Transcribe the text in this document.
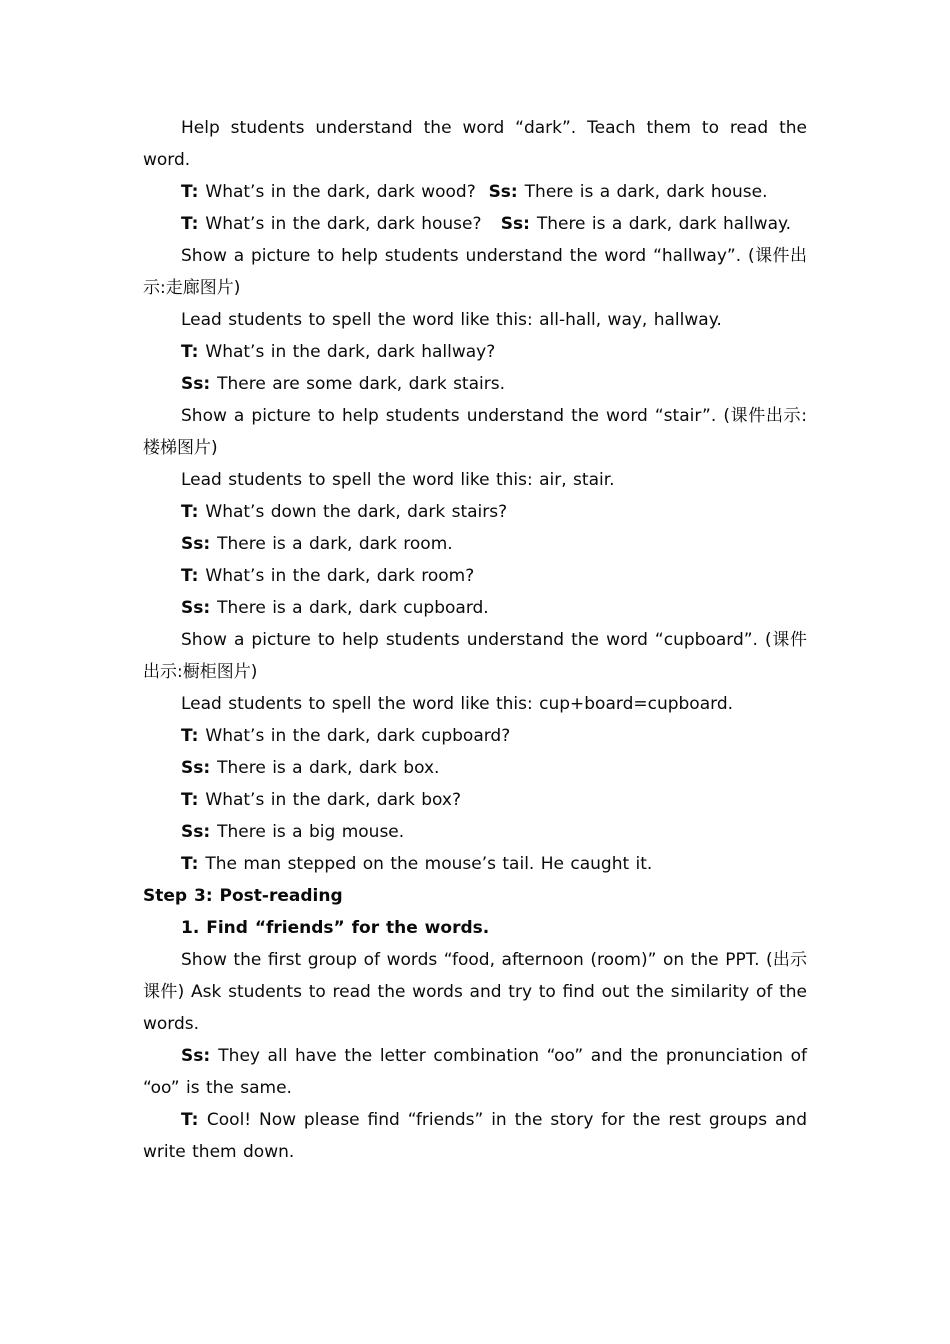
Help students understand the word “dark”. Teach them to read the word.

T: What’s in the dark, dark wood?  Ss: There is a dark, dark house.

T: What’s in the dark, dark house?   Ss: There is a dark, dark hallway.

Show a picture to help students understand the word “hallway”. (课件出示:走廊图片)

Lead students to spell the word like this: all-hall, way, hallway.

T: What’s in the dark, dark hallway?

Ss: There are some dark, dark stairs.

Show a picture to help students understand the word “stair”. (课件出示:楼梯图片)

Lead students to spell the word like this: air, stair.

T: What’s down the dark, dark stairs?

Ss: There is a dark, dark room.

T: What’s in the dark, dark room?

Ss: There is a dark, dark cupboard.

Show a picture to help students understand the word “cupboard”. (课件出示:橱柜图片)

Lead students to spell the word like this: cup+board=cupboard.

T: What’s in the dark, dark cupboard?

Ss: There is a dark, dark box.

T: What’s in the dark, dark box?

Ss: There is a big mouse.

T: The man stepped on the mouse’s tail. He caught it.

Step 3: Post-reading

1. Find “friends” for the words.

Show the first group of words “food, afternoon (room)” on the PPT. (出示课件) Ask students to read the words and try to find out the similarity of the words.

Ss: They all have the letter combination “oo” and the pronunciation of “oo” is the same.

T: Cool! Now please find “friends” in the story for the rest groups and write them down.
